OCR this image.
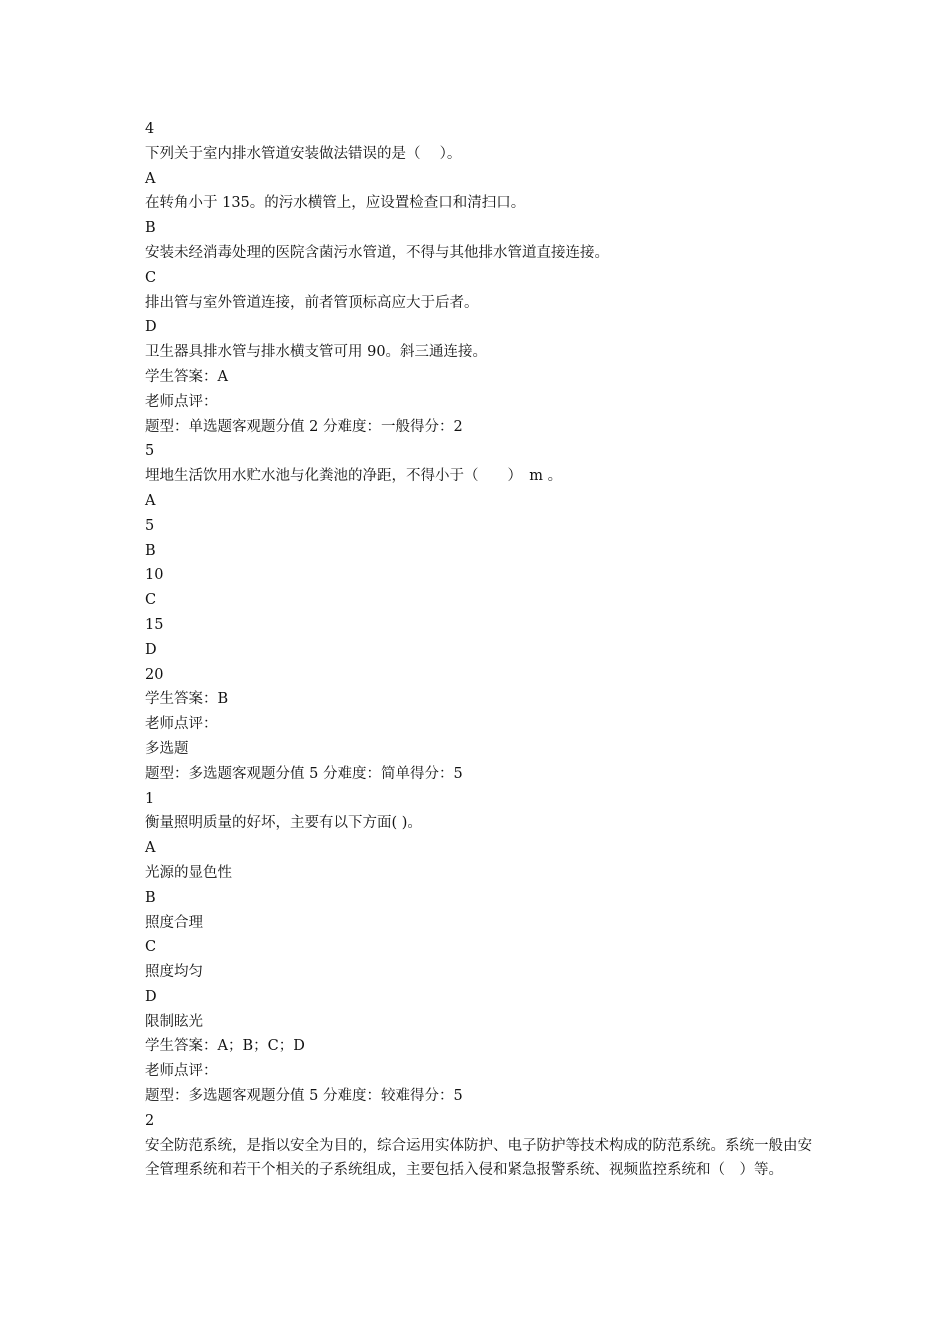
4
下列关于室内排水管道安装做法错误的是（　 ）。
A
在转角小于 135。的污水横管上，应设置检查口和清扫口。
B
安装未经消毒处理的医院含菌污水管道，不得与其他排水管道直接连接。
C
排出管与室外管道连接，前者管顶标高应大于后者。
D
卫生器具排水管与排水横支管可用 90。斜三通连接。
学生答案：A
老师点评：
题型：单选题客观题分值 2 分难度：一般得分：2
5
埋地生活饮用水贮水池与化粪池的净距，不得小于（　　）　m 。
A
5
B
10
C
15
D
20
学生答案：B
老师点评：
多选题
题型：多选题客观题分值 5 分难度：简单得分：5
1
衡量照明质量的好坏，主要有以下方面( )。
A
光源的显色性
B
照度合理
C
照度均匀
D
限制眩光
学生答案：A；B；C；D
老师点评：
题型：多选题客观题分值 5 分难度：较难得分：5
2
安全防范系统，是指以安全为目的，综合运用实体防护、电子防护等技术构成的防范系统。系统一般由安全管理系统和若干个相关的子系统组成，主要包括入侵和紧急报警系统、视频监控系统和（　）等。
